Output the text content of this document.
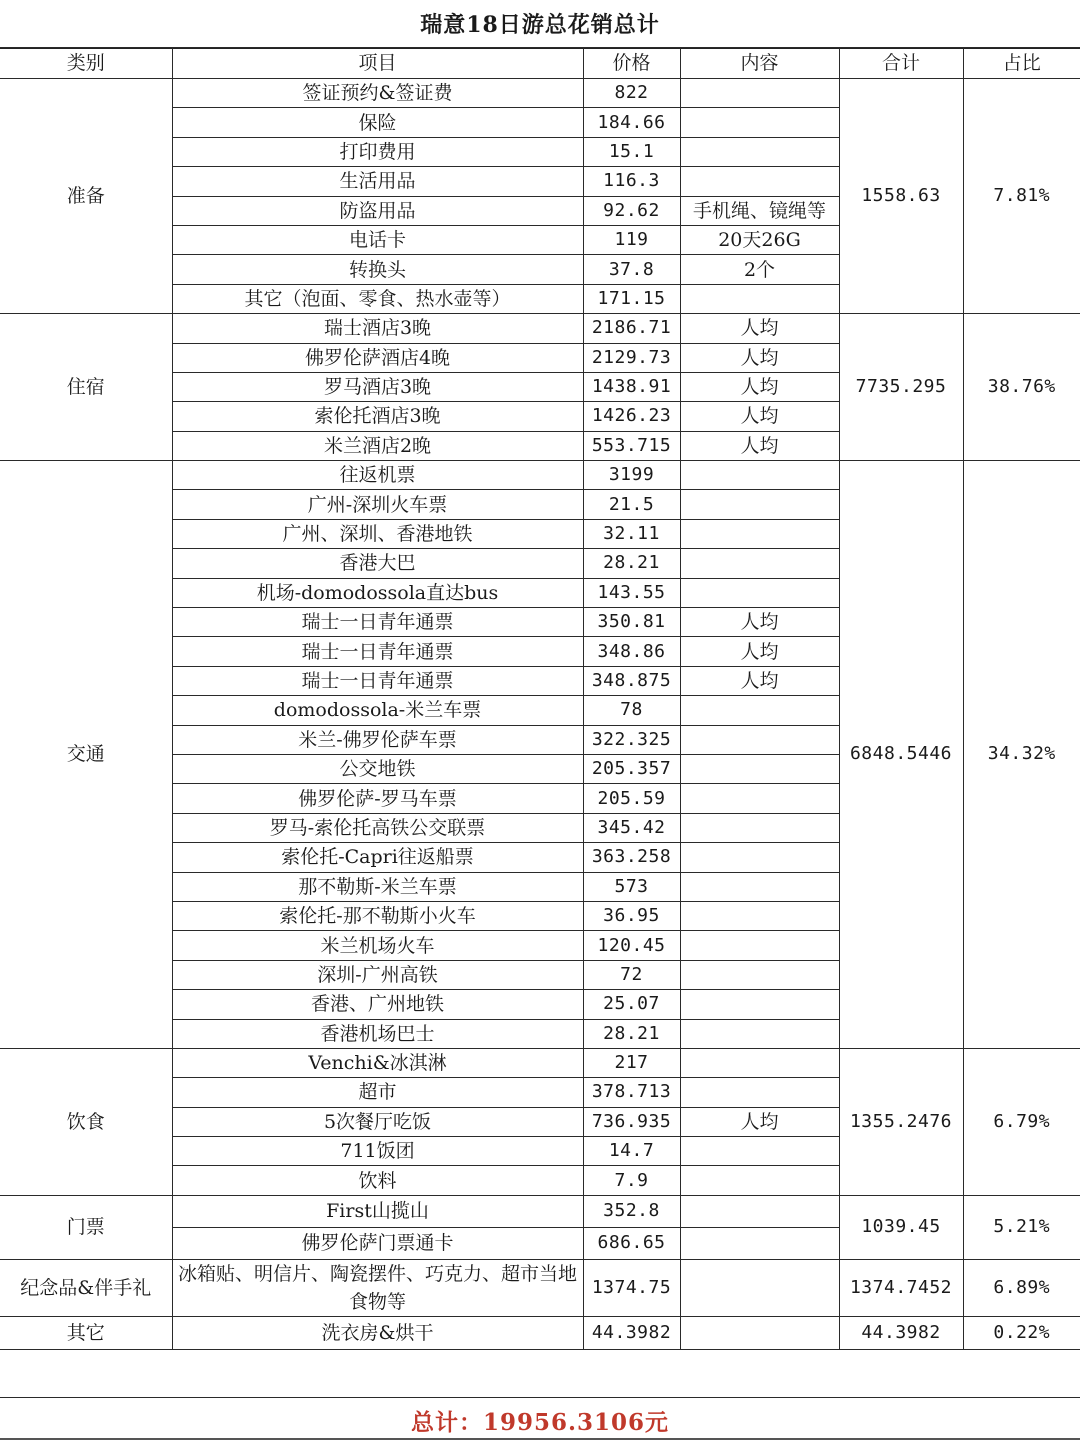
瑞意18日游总花销总计
类别	项目	价格	内容	合计	占比
准备	签证预约&签证费	822		1558.63	7.81%
	保险	184.66			
	打印费用	15.1			
	生活用品	116.3			
	防盗用品	92.62	手机绳、镜绳等		
	电话卡	119	20天26G		
	转换头	37.8	2个		
	其它（泡面、零食、热水壶等）	171.15			
住宿	瑞士酒店3晚	2186.71	人均	7735.295	38.76%
	佛罗伦萨酒店4晚	2129.73	人均		
	罗马酒店3晚	1438.91	人均		
	索伦托酒店3晚	1426.23	人均		
	米兰酒店2晚	553.715	人均		
交通	往返机票	3199		6848.5446	34.32%
	广州-深圳火车票	21.5			
	广州、深圳、香港地铁	32.11			
	香港大巴	28.21			
	机场-domodossola直达bus	143.55			
	瑞士一日青年通票	350.81	人均		
	瑞士一日青年通票	348.86	人均		
	瑞士一日青年通票	348.875	人均		
	domodossola-米兰车票	78			
	米兰-佛罗伦萨车票	322.325			
	公交地铁	205.357			
	佛罗伦萨-罗马车票	205.59			
	罗马-索伦托高铁公交联票	345.42			
	索伦托-Capri往返船票	363.258			
	那不勒斯-米兰车票	573			
	索伦托-那不勒斯小火车	36.95			
	米兰机场火车	120.45			
	深圳-广州高铁	72			
	香港、广州地铁	25.07			
	香港机场巴士	28.21			
饮食	Venchi&冰淇淋	217		1355.2476	6.79%
	超市	378.713			
	5次餐厅吃饭	736.935	人均		
	711饭团	14.7			
	饮料	7.9			
门票	First山揽山	352.8		1039.45	5.21%
	佛罗伦萨门票通卡	686.65			
纪念品&伴手礼	冰箱贴、明信片、陶瓷摆件、巧克力、超市当地食物等	1374.75		1374.7452	6.89%
其它	洗衣房&烘干	44.3982		44.3982	0.22%
总计：19956.3106元
